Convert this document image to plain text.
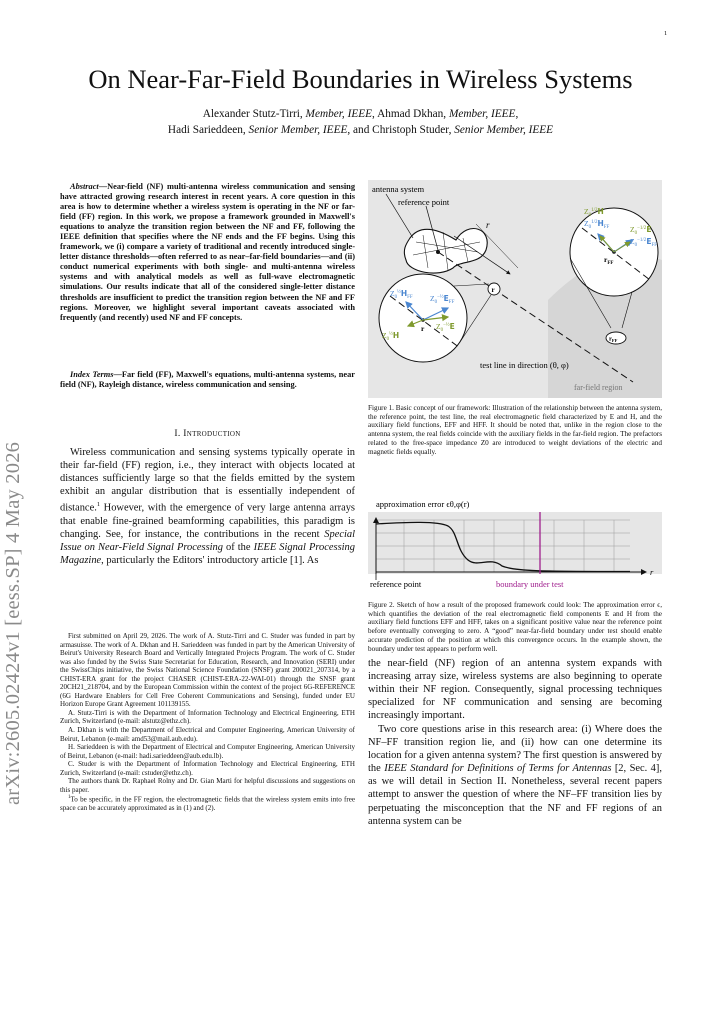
1
arXiv:2605.02424v1 [eess.SP] 4 May 2026
On Near-Far-Field Boundaries in Wireless Systems
Alexander Stutz-Tirri, Member, IEEE, Ahmad Dkhan, Member, IEEE,
Hadi Sarieddeen, Senior Member, IEEE, and Christoph Studer, Senior Member, IEEE
Abstract—Near-field (NF) multi-antenna wireless communication and sensing have attracted growing research interest in recent years. A core question in this area is how to determine whether a wireless system is operating in the NF or far-field (FF) region. In this work, we propose a framework grounded in Maxwell's equations to analyze the transition region between the NF and FF, following the IEEE definition that specifies where the NF ends and the FF begins. Using this framework, we (i) compare a variety of traditional and recently introduced single-letter distance thresholds—often referred to as near–far-field boundaries—and (ii) conduct numerical experiments with both single- and multi-antenna wireless systems and with analytical models as well as full-wave electromagnetic simulations. Our results indicate that all of the considered single-letter distance thresholds are insufficient to predict the transition region between the NF and FF regions. Moreover, we highlight several important caveats associated with frequently (and recently) used NF and FF concepts.
Index Terms—Far field (FF), Maxwell's equations, multi-antenna systems, near field (NF), Rayleigh distance, wireless communication and sensing.
I. Introduction
Wireless communication and sensing systems typically operate in their far-field (FF) region, i.e., they interact with objects located at distances sufficiently large so that the fields emitted by the system exhibit an angular distribution that is essentially independent of distance.$^1$ However, with the emergence of very large antenna arrays that enable fine-grained beamforming capabilities, this paradigm is changing. See, for instance, the contributions in the recent Special Issue on Near-Field Signal Processing of the IEEE Signal Processing Magazine, particularly the Editors' introductory article [1]. As

First submitted on April 29, 2026. The work of A. Stutz-Tirri and C. Studer was funded in part by armasuisse. The work of A. Dkhan and H. Sarieddeen was funded in part by the American University of Beirut's University Research Board and Vertically Integrated Projects Program. The work of C. Studer was also funded by the Swiss State Secretariat for Education, Research, and Innovation (SERI) under the SwissChips initiative, the Swiss National Science Foundation (SNSF) grant 200021_207314, by a CHIST-ERA grant for the project CHASER (CHIST-ERA-22-WAI-01) through the SNSF grant 20CH21_218704, and by the European Commission within the context of the project 6G-REFERENCE (6G Hardware Enablers for Cell Free Coherent Communications and Sensing), funded under EU Horizon Europe Grant Agreement 101139155.

A. Stutz-Tirri is with the Department of Information Technology and Electrical Engineering, ETH Zurich, Switzerland (e-mail: alstutz@ethz.ch).

A. Dkhan is with the Department of Electrical and Computer Engineering, American University of Beirut, Lebanon (e-mail: amd53@mail.aub.edu).

H. Sarieddeen is with the Department of Electrical and Computer Engineering, American University of Beirut, Lebanon (e-mail: hadi.sarieddeen@aub.edu.lb).

C. Studer is with the Department of Information Technology and Electrical Engineering, ETH Zurich, Switzerland (e-mail: cstuder@ethz.ch).

The authors thank Dr. Raphael Rolny and Dr. Gian Marti for helpful discussions and suggestions on this paper.

$^1$To be specific, in the FF region, the electromagnetic fields that the wireless system emits into free space can be accurately approximated as in (1) and (2).

antenna system
reference point
r
r
r
$Z_0^{\frac{1}{2}}H_{FF}$ $Z_0^{-\frac{1}{2}}E_{FF}$
$Z_0^{\frac{1}{2}}H$
$Z_0^{-\frac{1}{2}}E$
$Z_0^{1/2}H$
$Z_0^{1/2}H_{FF}$	$Z_0^{-1/2}E$
$Z_0^{-1/2}E_{FF}$
$r_{FF}$
$r_{FF}$
test line in direction (θ, φ)
far-field region
Figure 1. Basic concept of our framework: Illustration of the relationship between the antenna system, the reference point, the test line, the real electromagnetic field characterized by E and H, and the auxiliary field functions, EFF and HFF. It should be noted that, unlike in the region close to the antenna system, the real fields coincide with the auxiliary fields in the far-field region. The prefactors related to the free-space impedance Z0 are introduced to weight deviations of the electric and magnetic fields equally.
approximation error ϵθ,φ(r)
r
reference point	boundary under test
Figure 2. Sketch of how a result of the proposed framework could look: The approximation error ϵ, which quantifies the deviation of the real electromagnetic field components E and H from the auxiliary field functions EFF and HFF, takes on a significant positive value near the reference point before eventually converging to zero. A “good” near-far-field boundary under test should enable accurate prediction of the position at which this convergence occurs. In the example shown, the boundary under test appears to perform well.
the near-field (NF) region of an antenna system expands with increasing array size, wireless systems are also beginning to operate within their NF region. Consequently, signal processing techniques specialized for NF communication and sensing are becoming increasingly important.
Two core questions arise in this research area: (i) Where does the NF–FF transition region lie, and (ii) how can one determine its location for a given antenna system? The first question is answered by the IEEE Standard for Definitions of Terms for Antennas [2, Sec. 4], as we will detail in Section II. Nonetheless, several recent papers attempt to answer the question of where the NF–FF transition lies by perpetuating the misconception that the NF and FF regions of an antenna system can be
